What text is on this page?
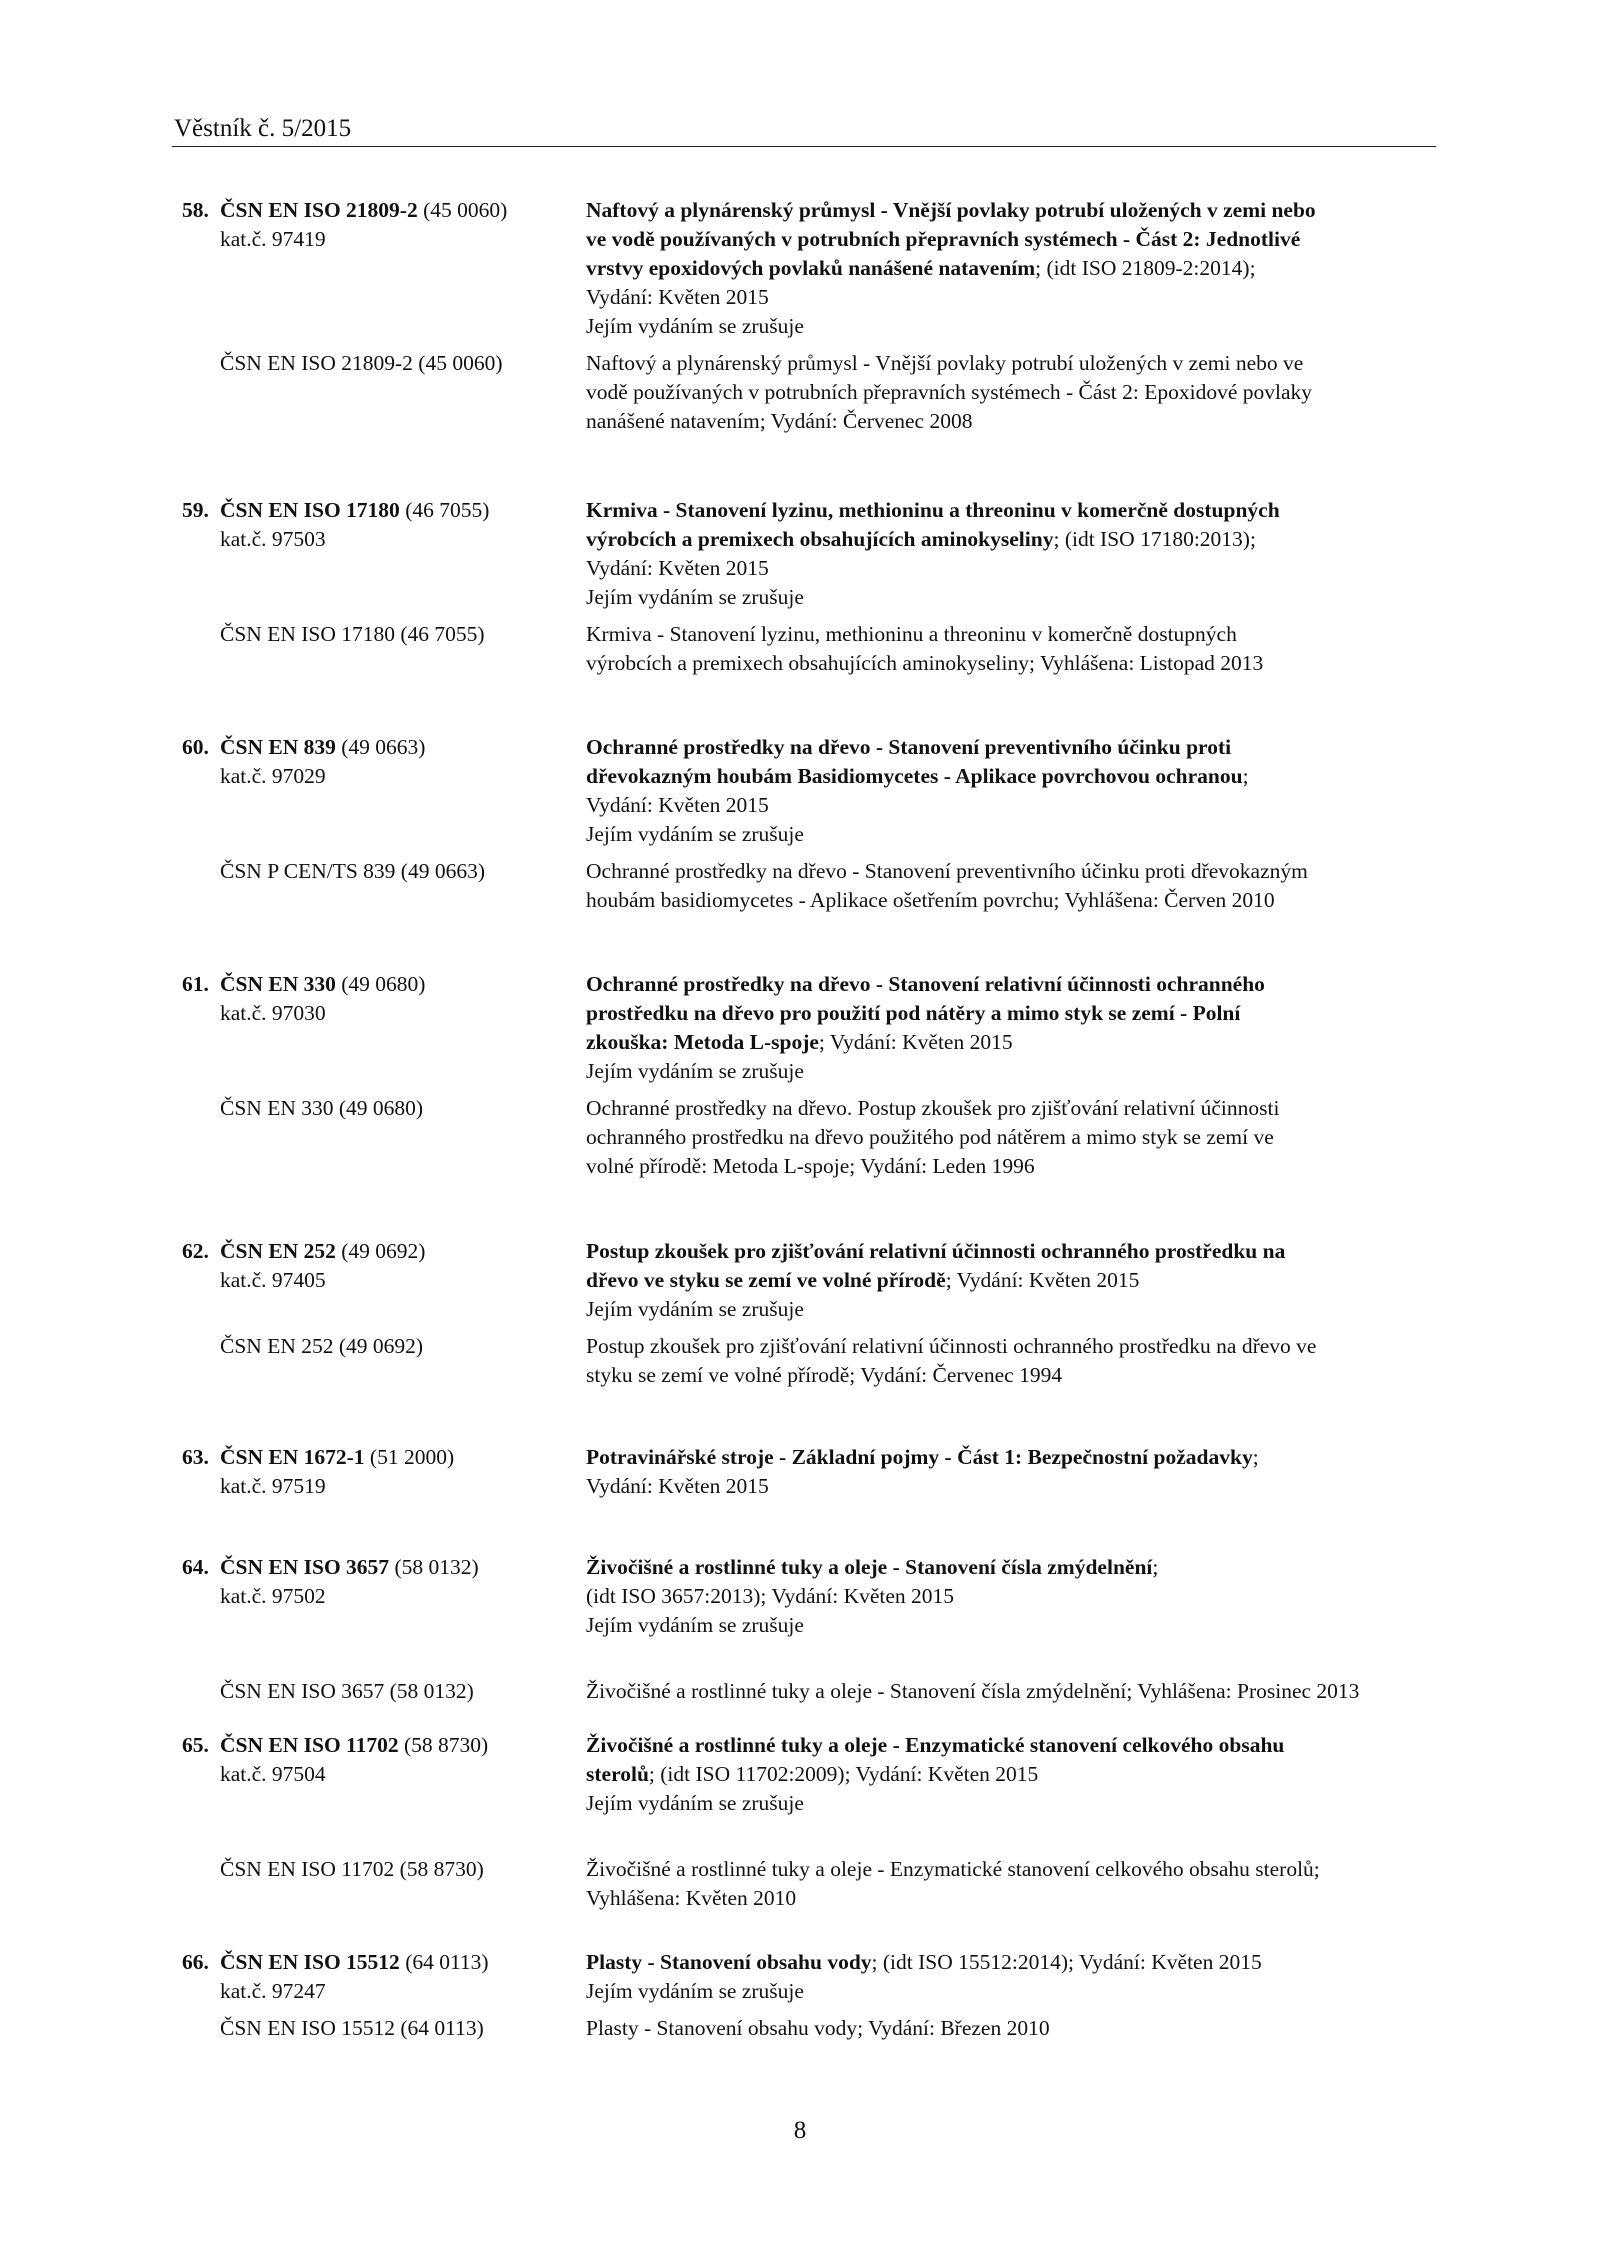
Věstník č. 5/2015
58. ČSN EN ISO 21809-2 (45 0060)
kat.č. 97419
ČSN EN ISO 21809-2 (45 0060)
Naftový a plynárenský průmysl - Vnější povlaky potrubí uložených v zemi nebo
ve vodě používaných v potrubních přepravních systémech - Část 2: Jednotlivé
vrstvy epoxidových povlaků nanášené natavením; (idt ISO 21809-2:2014);
Vydání: Květen 2015
Jejím vydáním se zrušuje
Naftový a plynárenský průmysl - Vnější povlaky potrubí uložených v zemi nebo ve
vodě používaných v potrubních přepravních systémech - Část 2: Epoxidové povlaky
nanášené natavením; Vydání: Červenec 2008
59. ČSN EN ISO 17180 (46 7055)
kat.č. 97503
ČSN EN ISO 17180 (46 7055)
Krmiva - Stanovení lyzinu, methioninu a threoninu v komerčně dostupných
výrobcích a premixech obsahujících aminokyseliny; (idt ISO 17180:2013);
Vydání: Květen 2015
Jejím vydáním se zrušuje
Krmiva - Stanovení lyzinu, methioninu a threoninu v komerčně dostupných
výrobcích a premixech obsahujících aminokyseliny; Vyhlášena: Listopad 2013
60. ČSN EN 839 (49 0663)
kat.č. 97029
ČSN P CEN/TS 839 (49 0663)
Ochranné prostředky na dřevo - Stanovení preventivního účinku proti
dřevokazným houbám Basidiomycetes - Aplikace povrchovou ochranou;
Vydání: Květen 2015
Jejím vydáním se zrušuje
Ochranné prostředky na dřevo - Stanovení preventivního účinku proti dřevokazným
houbám basidiomycetes - Aplikace ošetřením povrchu; Vyhlášena: Červen 2010
61. ČSN EN 330 (49 0680)
kat.č. 97030
ČSN EN 330 (49 0680)
Ochranné prostředky na dřevo - Stanovení relativní účinnosti ochranného
prostředku na dřevo pro použití pod nátěry a mimo styk se zemí - Polní
zkouška: Metoda L-spoje; Vydání: Květen 2015
Jejím vydáním se zrušuje
Ochranné prostředky na dřevo. Postup zkoušek pro zjišťování relativní účinnosti
ochranného prostředku na dřevo použitého pod nátěrem a mimo styk se zemí ve
volné přírodě: Metoda L-spoje; Vydání: Leden 1996
62. ČSN EN 252 (49 0692)
kat.č. 97405
ČSN EN 252 (49 0692)
Postup zkoušek pro zjišťování relativní účinnosti ochranného prostředku na
dřevo ve styku se zemí ve volné přírodě; Vydání: Květen 2015
Jejím vydáním se zrušuje
Postup zkoušek pro zjišťování relativní účinnosti ochranného prostředku na dřevo ve
styku se zemí ve volné přírodě; Vydání: Červenec 1994
63. ČSN EN 1672-1 (51 2000)
kat.č. 97519
Potravinářské stroje - Základní pojmy - Část 1: Bezpečnostní požadavky;
Vydání: Květen 2015
64. ČSN EN ISO 3657 (58 0132)
kat.č. 97502
ČSN EN ISO 3657 (58 0132)
Živočišné a rostlinné tuky a oleje - Stanovení čísla zmýdelnění;
(idt ISO 3657:2013); Vydání: Květen 2015
Jejím vydáním se zrušuje
Živočišné a rostlinné tuky a oleje - Stanovení čísla zmýdelnění; Vyhlášena: Prosinec 2013
65. ČSN EN ISO 11702 (58 8730)
kat.č. 97504
ČSN EN ISO 11702 (58 8730)
Živočišné a rostlinné tuky a oleje - Enzymatické stanovení celkového obsahu
sterolů; (idt ISO 11702:2009); Vydání: Květen 2015
Jejím vydáním se zrušuje
Živočišné a rostlinné tuky a oleje - Enzymatické stanovení celkového obsahu sterolů;
Vyhlášena: Květen 2010
66. ČSN EN ISO 15512 (64 0113)
kat.č. 97247
ČSN EN ISO 15512 (64 0113)
Plasty - Stanovení obsahu vody; (idt ISO 15512:2014); Vydání: Květen 2015
Jejím vydáním se zrušuje
Plasty - Stanovení obsahu vody; Vydání: Březen 2010
8
